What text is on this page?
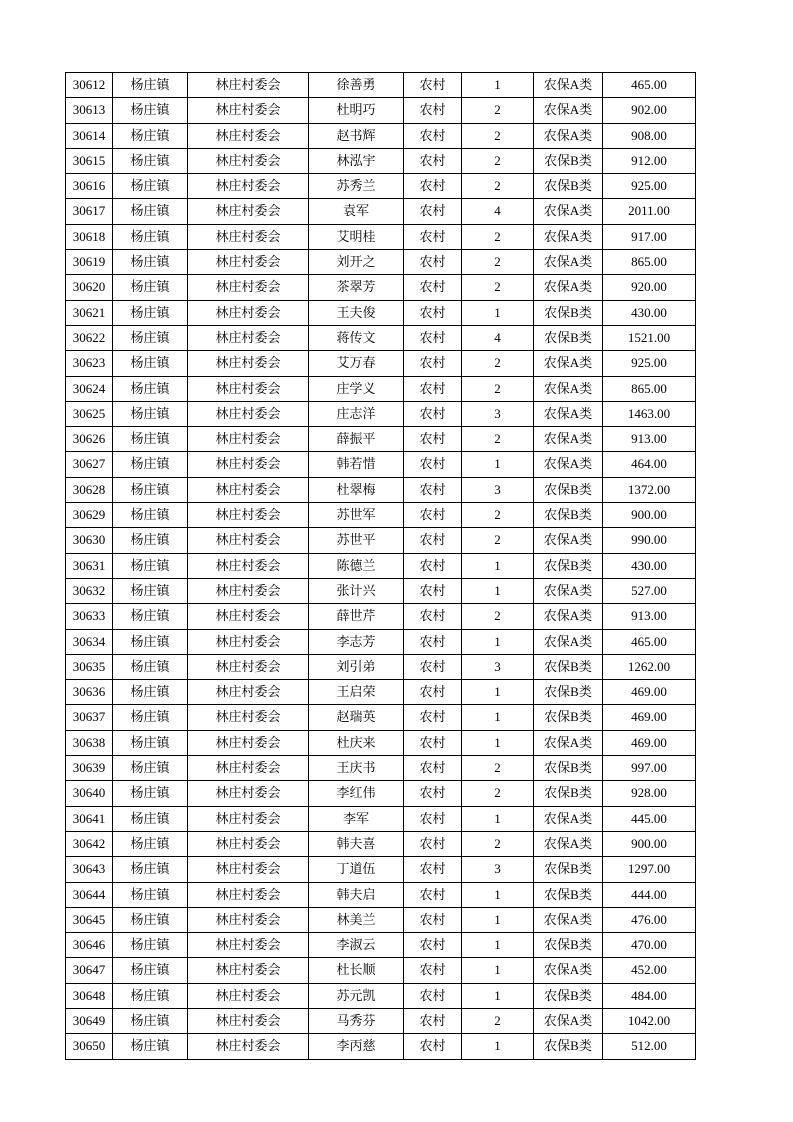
30612	杨庄镇	林庄村委会	徐善勇	农村	1	农保A类	465.00
30613	杨庄镇	林庄村委会	杜明巧	农村	2	农保A类	902.00
30614	杨庄镇	林庄村委会	赵书辉	农村	2	农保A类	908.00
30615	杨庄镇	林庄村委会	林泓宇	农村	2	农保B类	912.00
30616	杨庄镇	林庄村委会	苏秀兰	农村	2	农保B类	925.00
30617	杨庄镇	林庄村委会	袁军	农村	4	农保A类	2011.00
30618	杨庄镇	林庄村委会	艾明桂	农村	2	农保A类	917.00
30619	杨庄镇	林庄村委会	刘开之	农村	2	农保A类	865.00
30620	杨庄镇	林庄村委会	茶翠芳	农村	2	农保A类	920.00
30621	杨庄镇	林庄村委会	王夫俊	农村	1	农保B类	430.00
30622	杨庄镇	林庄村委会	蒋传文	农村	4	农保B类	1521.00
30623	杨庄镇	林庄村委会	艾万春	农村	2	农保A类	925.00
30624	杨庄镇	林庄村委会	庄学义	农村	2	农保A类	865.00
30625	杨庄镇	林庄村委会	庄志洋	农村	3	农保A类	1463.00
30626	杨庄镇	林庄村委会	薛振平	农村	2	农保A类	913.00
30627	杨庄镇	林庄村委会	韩若惜	农村	1	农保A类	464.00
30628	杨庄镇	林庄村委会	杜翠梅	农村	3	农保B类	1372.00
30629	杨庄镇	林庄村委会	苏世军	农村	2	农保B类	900.00
30630	杨庄镇	林庄村委会	苏世平	农村	2	农保A类	990.00
30631	杨庄镇	林庄村委会	陈德兰	农村	1	农保B类	430.00
30632	杨庄镇	林庄村委会	张计兴	农村	1	农保A类	527.00
30633	杨庄镇	林庄村委会	薛世芹	农村	2	农保A类	913.00
30634	杨庄镇	林庄村委会	李志芳	农村	1	农保A类	465.00
30635	杨庄镇	林庄村委会	刘引弟	农村	3	农保B类	1262.00
30636	杨庄镇	林庄村委会	王启荣	农村	1	农保B类	469.00
30637	杨庄镇	林庄村委会	赵瑞英	农村	1	农保B类	469.00
30638	杨庄镇	林庄村委会	杜庆来	农村	1	农保A类	469.00
30639	杨庄镇	林庄村委会	王庆书	农村	2	农保B类	997.00
30640	杨庄镇	林庄村委会	李红伟	农村	2	农保B类	928.00
30641	杨庄镇	林庄村委会	李军	农村	1	农保A类	445.00
30642	杨庄镇	林庄村委会	韩夫喜	农村	2	农保A类	900.00
30643	杨庄镇	林庄村委会	丁道伍	农村	3	农保B类	1297.00
30644	杨庄镇	林庄村委会	韩夫启	农村	1	农保B类	444.00
30645	杨庄镇	林庄村委会	林美兰	农村	1	农保A类	476.00
30646	杨庄镇	林庄村委会	李淑云	农村	1	农保B类	470.00
30647	杨庄镇	林庄村委会	杜长顺	农村	1	农保A类	452.00
30648	杨庄镇	林庄村委会	苏元凯	农村	1	农保B类	484.00
30649	杨庄镇	林庄村委会	马秀芬	农村	2	农保A类	1042.00
30650	杨庄镇	林庄村委会	李丙慈	农村	1	农保B类	512.00
